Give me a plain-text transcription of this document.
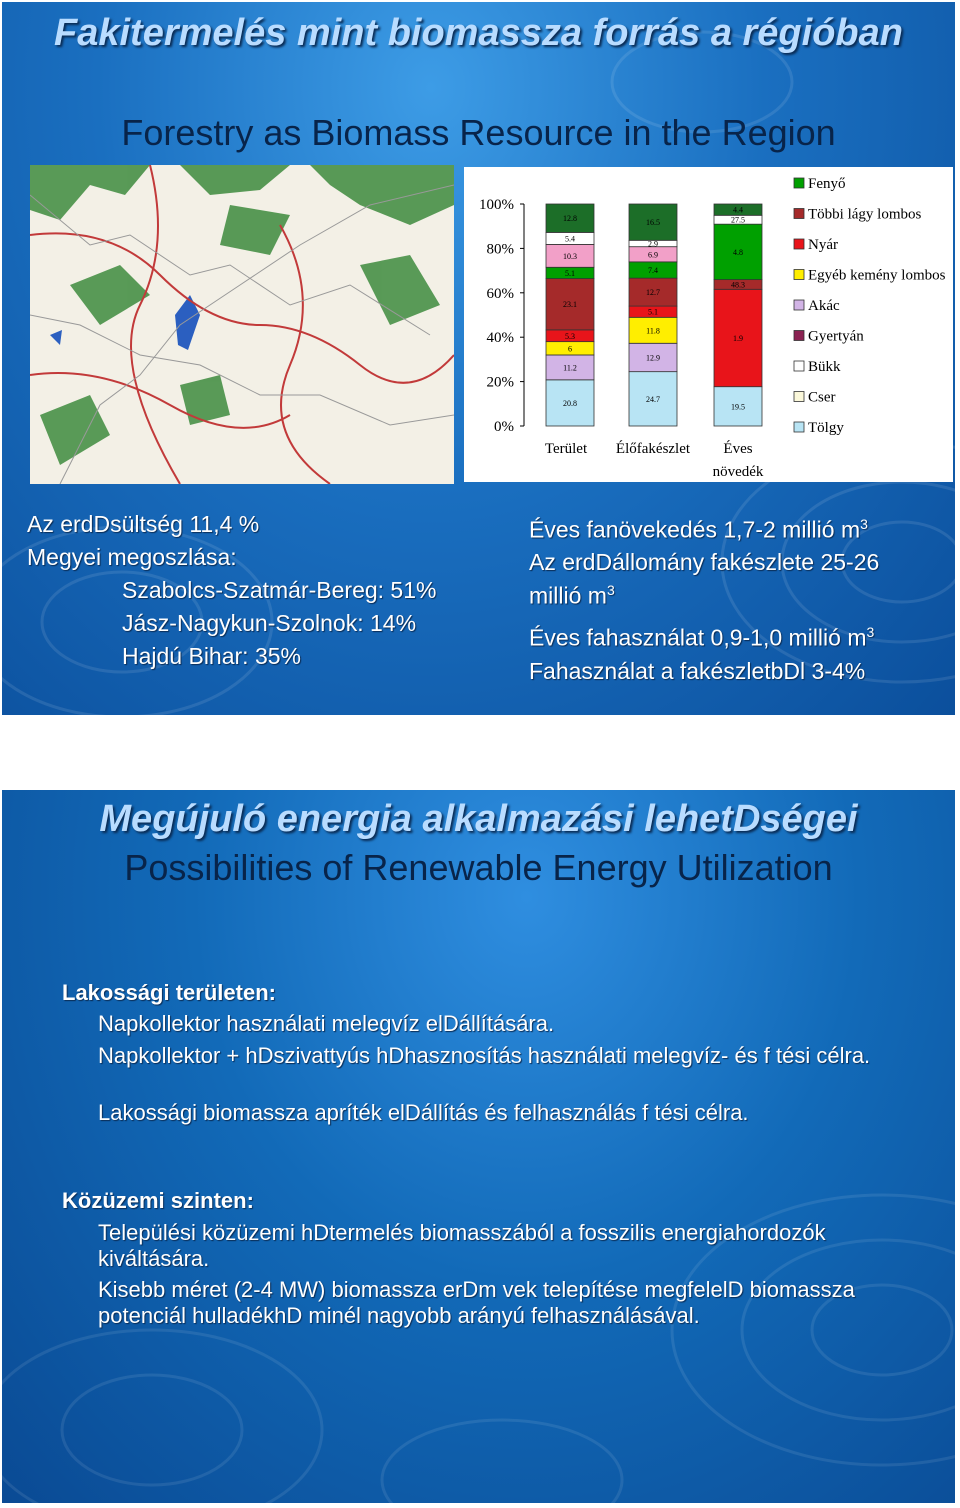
Fakitermelés mint biomassza forrás a régióban
Forestry as Biomass Resource in the Region
0%
20%
40%
60%
80%
100%
20.8
11.2
6
5.3
23.1
5.1
10.3
5.4
12.8
Terület
24.7
12.9
11.8
5.1
12.7
7.4
6.9
2.9
16.5
Élőfakészlet
19.5
1.9
48.3
4.8
27.5
4.4
Éves
növedék
Fenyő
Többi lágy lombos
Nyár
Egyéb kemény lombos
Akác
Gyertyán
Bükk
Cser
Tölgy
Az erdDsültség 11,4 %
Megyei megoszlása:
Szabolcs-Szatmár-Bereg: 51%
Jász-Nagykun-Szolnok: 14%
Hajdú Bihar: 35%
Éves fanövekedés 1,7-2 millió $m^3$
Az erdDállomány fakészlete 25-26
millió $m^3$
Éves fahasználat 0,9-1,0 millió $m^3$
Fahasználat a fakészletbDl 3-4%
Megújuló energia alkalmazási lehetDségei
Possibilities of Renewable Energy Utilization
Lakossági területen:
Napkollektor használati melegvíz elDállítására.
Napkollektor + hDszivattyús hDhasznosítás használati melegvíz- és f tési célra.
Lakossági biomassza apríték elDállítás és felhasználás f tési célra.
Közüzemi szinten:
Települési közüzemi hDtermelés biomasszából a fosszilis energiahordozók kiváltására.
Kisebb méret (2-4 MW) biomassza erDm vek telepítése megfelelD biomassza potenciál hulladékhD minél nagyobb arányú felhasználásával.
